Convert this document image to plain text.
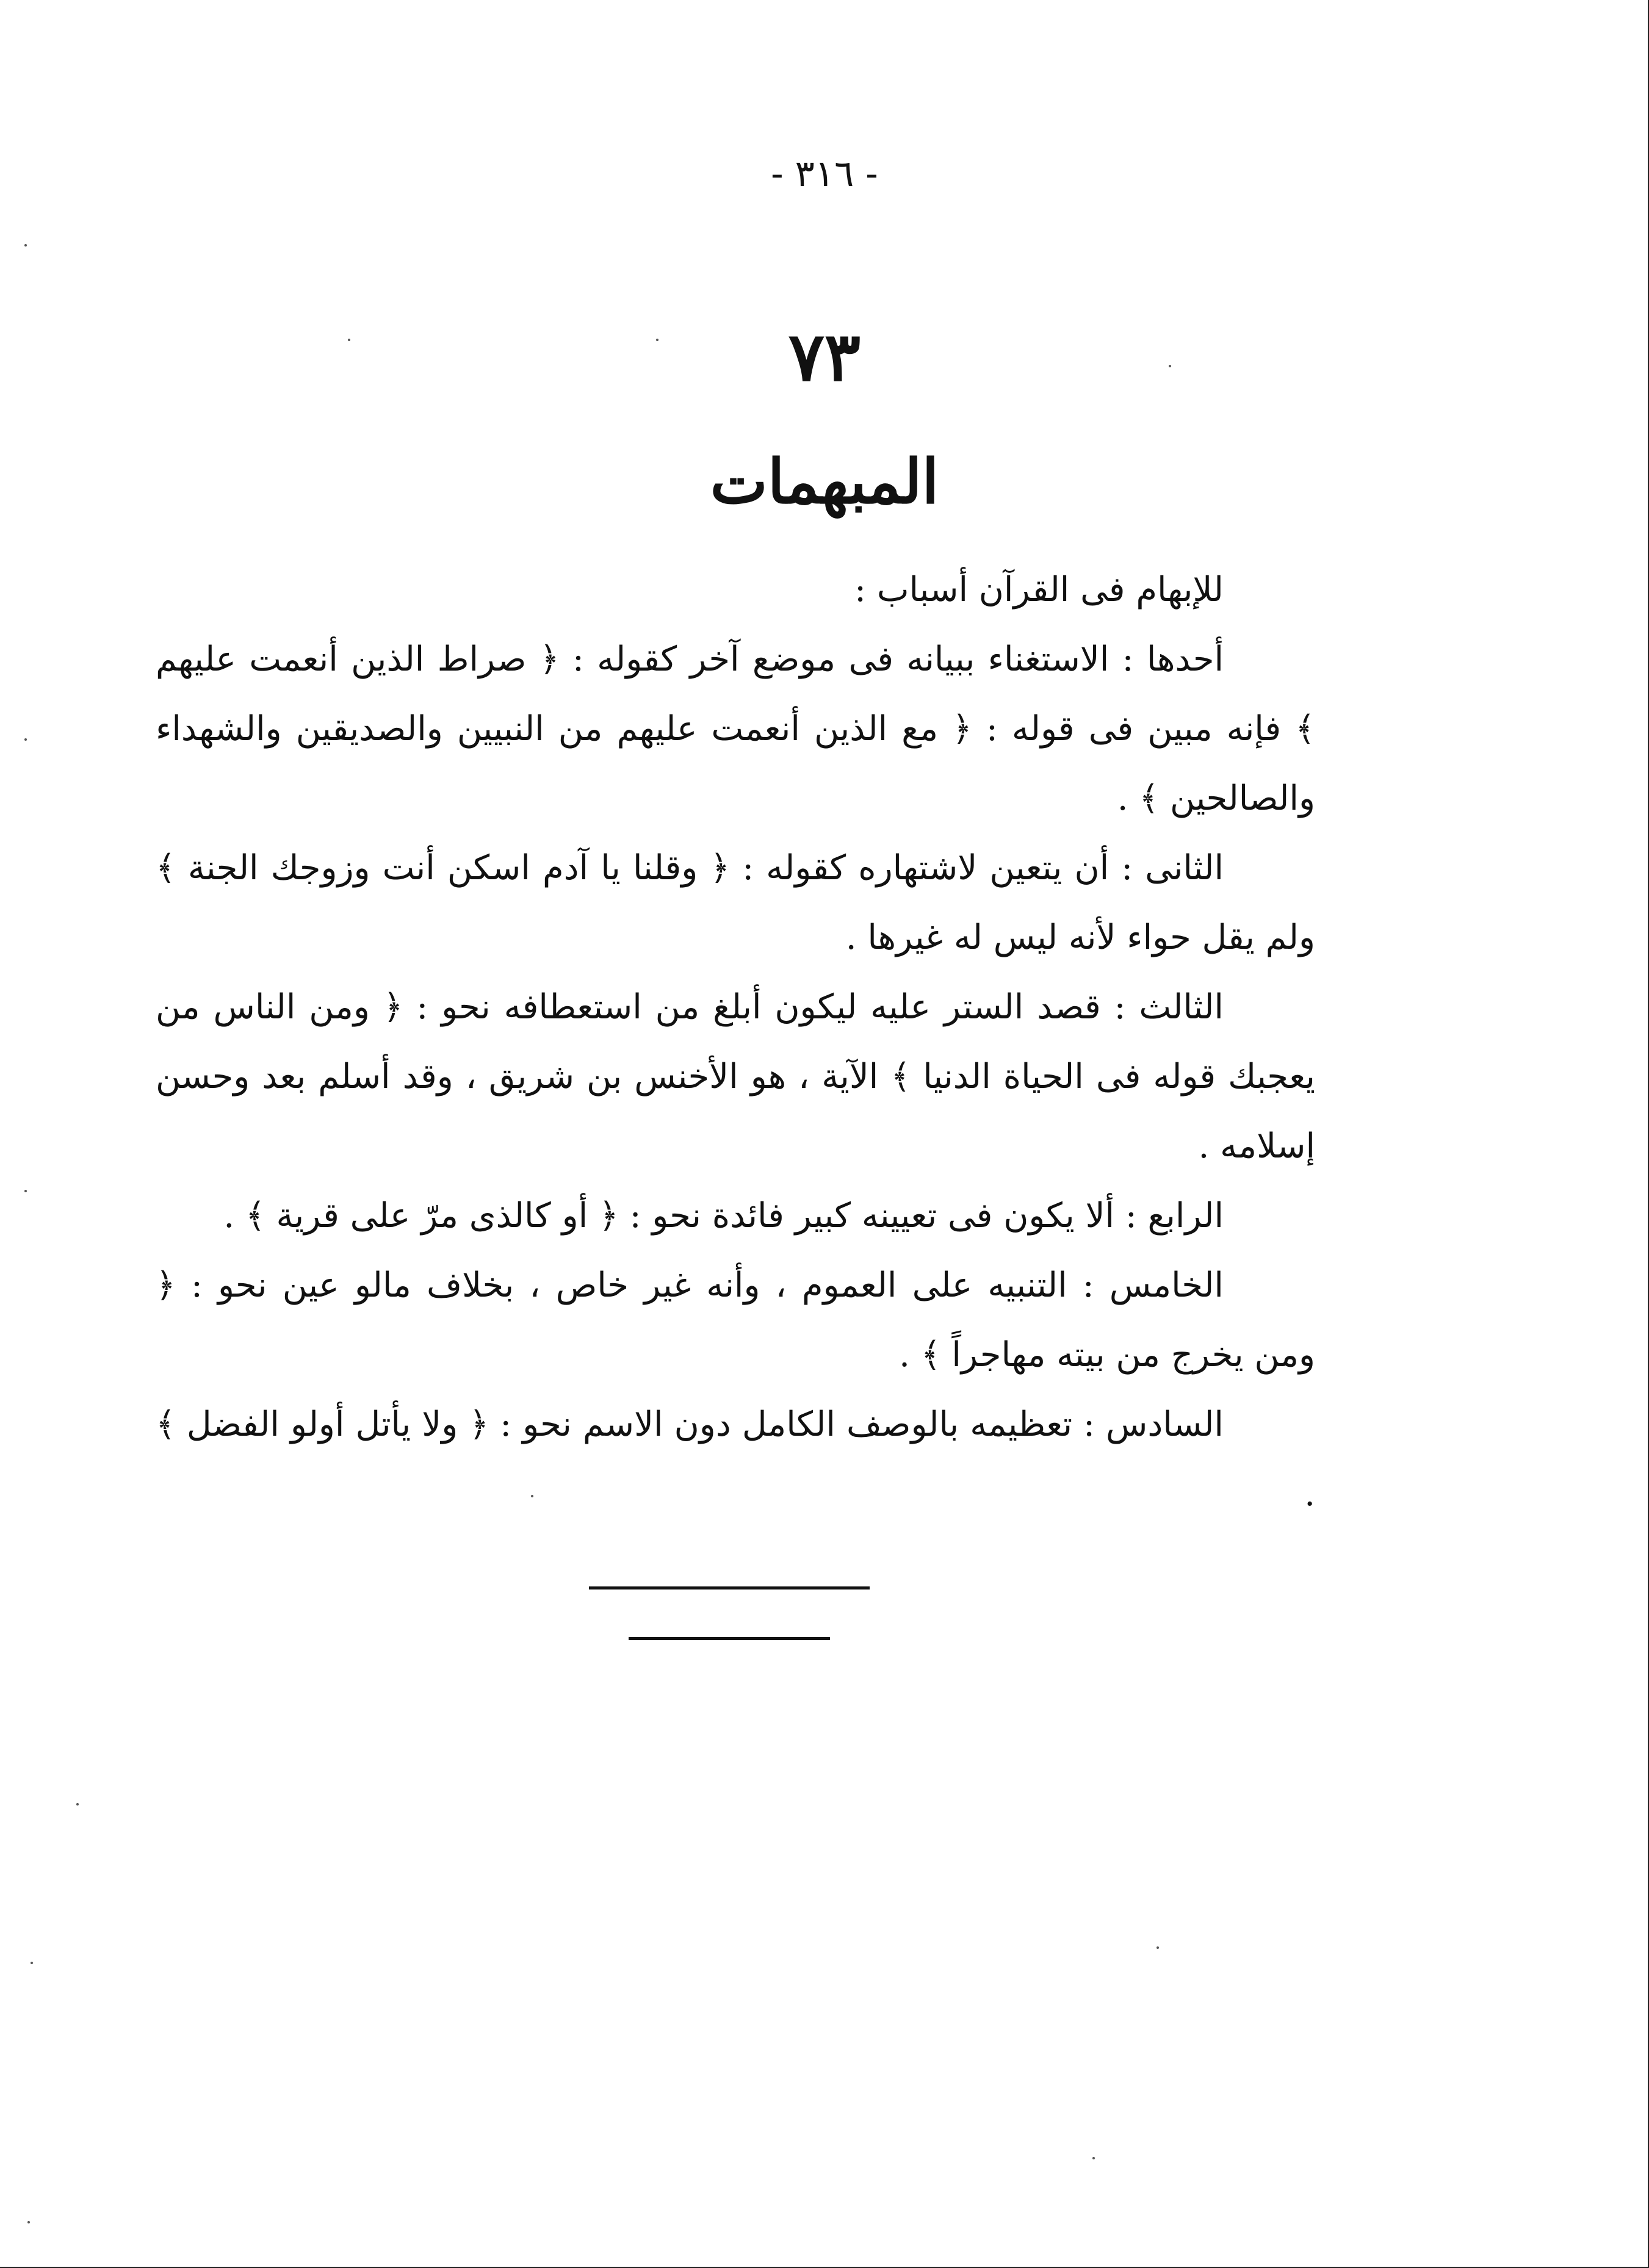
- ٣١٦ -
٧٣
المبهمات

للإبهام فى القرآن أسباب :

أحدها : الاستغناء ببيانه فى موضع آخر كقوله : ﴿ صراط الذين أنعمت عليهم ﴾ فإنه مبين فى قوله : ﴿ مع الذين أنعمت عليهم من النبيين والصديقين والشهداء والصالحين ﴾ .

الثانى : أن يتعين لاشتهاره كقوله : ﴿ وقلنا يا آدم اسكن أنت وزوجك الجنة ﴾ ولم يقل حواء لأنه ليس له غيرها .

الثالث : قصد الستر عليه ليكون أبلغ من استعطافه نحو : ﴿ ومن الناس من يعجبك قوله فى الحياة الدنيا ﴾ الآية ، هو الأخنس بن شريق ، وقد أسلم بعد وحسن إسلامه .

الرابع : ألا يكون فى تعيينه كبير فائدة نحو : ﴿ أو كالذى مرّ على قرية ﴾ .

الخامس : التنبيه على العموم ، وأنه غير خاص ، بخلاف مالو عين نحو : ﴿ ومن يخرج من بيته مهاجراً ﴾ .

السادس : تعظيمه بالوصف الكامل دون الاسم نحو : ﴿ ولا يأتل أولو الفضل ﴾ .
